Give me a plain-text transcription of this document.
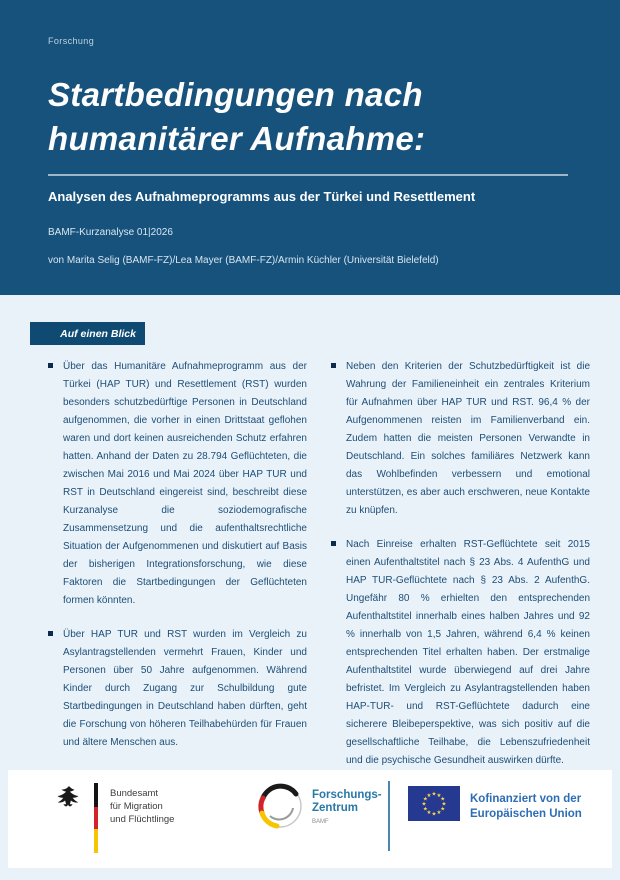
Forschung

Startbedingungen nach
humanitärer Aufnahme:

Analysen des Aufnahmeprogramms aus der Türkei und Resettlement

BAMF-Kurzanalyse 01|2026

von Marita Selig (BAMF-FZ)/Lea Mayer (BAMF-FZ)/Armin Küchler (Universität Bielefeld)

Auf einen Blick

Über das Humanitäre Aufnahmeprogramm aus der Türkei (HAP TUR) und Resettlement (RST) wurden besonders schutzbedürftige Personen in Deutschland aufgenommen, die vorher in einen Drittstaat geflohen waren und dort keinen ausreichenden Schutz erfahren hatten. Anhand der Daten zu 28.794 Geflüchteten, die zwischen Mai 2016 und Mai 2024 über HAP TUR und RST in Deutschland eingereist sind, beschreibt diese Kurzanalyse die soziodemografische Zusammensetzung und die aufenthaltsrechtliche Situation der Aufgenommenen und diskutiert auf Basis der bisherigen Integrationsforschung, wie diese Faktoren die Startbedingungen der Geflüchteten formen könnten.

Über HAP TUR und RST wurden im Vergleich zu Asylantragstellenden vermehrt Frauen, Kinder und Personen über 50 Jahre aufgenommen. Während Kinder durch Zugang zur Schulbildung gute Startbedingungen in Deutschland haben dürften, geht die Forschung von höheren Teilhabehürden für Frauen und ältere Menschen aus.

Neben den Kriterien der Schutzbedürftigkeit ist die Wahrung der Familieneinheit ein zentrales Kriterium für Aufnahmen über HAP TUR und RST. 96,4 % der Aufgenommenen reisten im Familienverband ein. Zudem hatten die meisten Personen Verwandte in Deutschland. Ein solches familiäres Netzwerk kann das Wohlbefinden verbessern und emotional unterstützen, es aber auch erschweren, neue Kontakte zu knüpfen.

Nach Einreise erhalten RST-Geflüchtete seit 2015 einen Aufenthaltstitel nach § 23 Abs. 4 AufenthG und HAP TUR-Geflüchtete nach § 23 Abs. 2 AufenthG. Ungefähr 80 % erhielten den entsprechenden Aufenthaltstitel innerhalb eines halben Jahres und 92 % innerhalb von 1,5 Jahren, während 6,4 % keinen entsprechenden Titel erhalten haben. Der erstmalige Aufenthaltstitel wurde überwiegend auf drei Jahre befristet. Im Vergleich zu Asylantragstellenden haben HAP-TUR- und RST-Geflüchtete dadurch eine sicherere Bleibeperspektive, was sich positiv auf die gesellschaftliche Teilhabe, die Lebenszufriedenheit und die psychische Gesundheit auswirken dürfte.

Bundesamt
für Migration
und Flüchtlinge
Forschungs-
Zentrum
BAMF
★ ★
★
★
★
★
★
★
★
★
★
★	Kofinanziert von der
Europäischen Union
